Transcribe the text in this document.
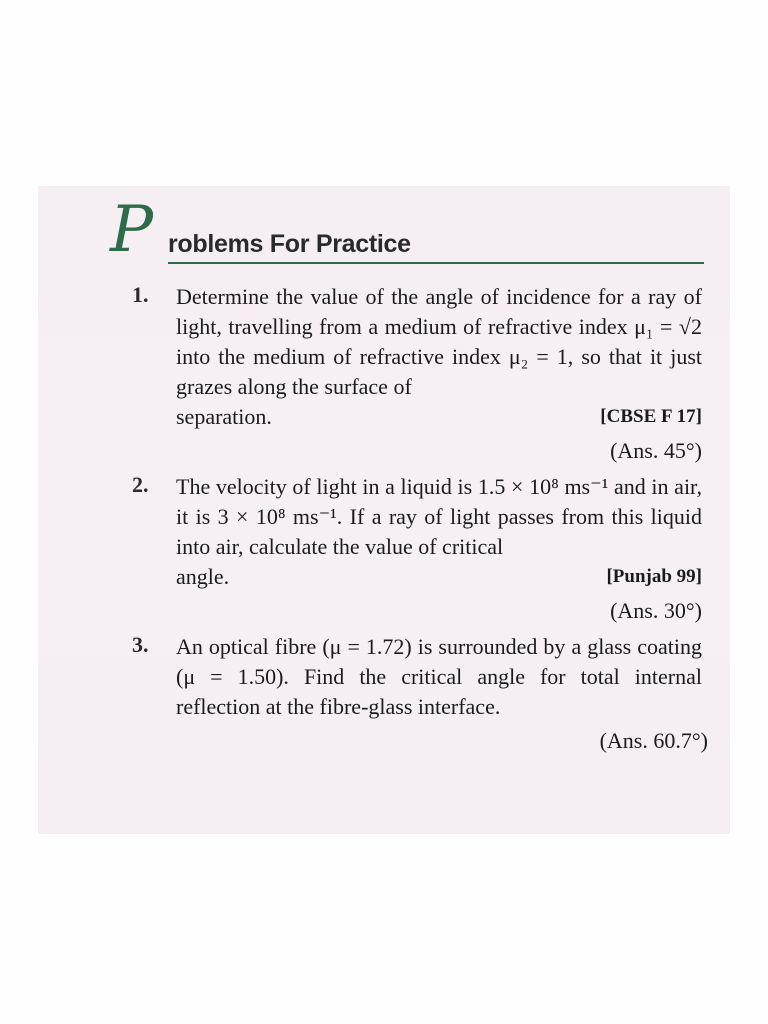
P roblems For Practice
1. Determine the value of the angle of incidence for a ray of light, travelling from a medium of refractive index μ₁ = √2 into the medium of refractive index μ₂ = 1, so that it just grazes along the surface of
separation.	[CBSE F 17]
(Ans. 45°)
2. The velocity of light in a liquid is 1.5 × 10⁸ ms⁻¹ and in air, it is 3 × 10⁸ ms⁻¹. If a ray of light passes from this liquid into air, calculate the value of critical
angle.	[Punjab 99]
(Ans. 30°)
3. An optical fibre (μ = 1.72) is surrounded by a glass coating (μ = 1.50). Find the critical angle for total internal reflection at the fibre-glass interface.
(Ans. 60.7°)
